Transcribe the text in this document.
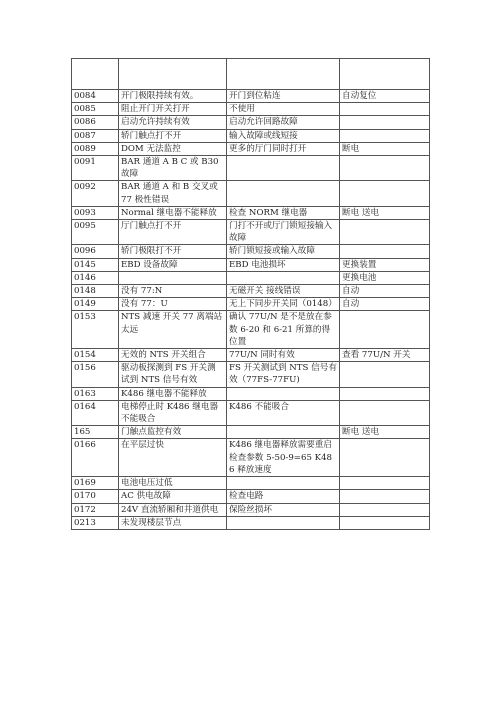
0084	开门极限持续有效。	开门到位粘连	自动复位
0085	阻止开门开关打开	不使用	
0086	启动允许持续有效	启动允许回路故障	
0087	轿门触点打不开	输入故障或线短接	
0089	DOM 无法监控	更多的厅门同时打开	断电
0091	BAR 通道 A B C 或 B30 故障		
0092	BAR 通道 A 和 B 交叉或 77 极性错误		
0093	Normal 继电器不能释放	检查 NORM 继电器	断电 送电
0095	厅门触点打不开	门打不开或厅门锁短接输入故障	
0096	轿门极限打不开	轿门锁短接或输入故障	
0145	EBD 设备故障	EBD 电池损坏	更换装置
0146			更换电池
0148	没有 77:N	无磁开关 接线错误	自动
0149	没有 77：U	无上下同步开关同（0148）	自动
0153	NTS 减速 开关 77 离端站太远	确认 77U/N 是不是放在参数 6-20 和 6-21 所算的得位置	
0154	无效的 NTS 开关组合	77U/N 同时有效	查看 77U/N 开关
0156	驱动板探测到 FS 开关测试到 NTS 信号有效	FS 开关测试到 NTS 信号有效（77FS-77FU)	
0163	K486 继电器不能释放		
0164	电梯停止时 K486 继电器不能吸合	K486 不能吸合	
165	门触点监控有效		断电 送电
0166	在平层过快	K486 继电器释放需要重启检查参数 5-50-9=65 K486 释放速度	
0169	电池电压过低		
0170	AC 供电故障	检查电路	
0172	24V 直流轿厢和井道供电	保险丝损坏	
0213	未发现楼层节点		
